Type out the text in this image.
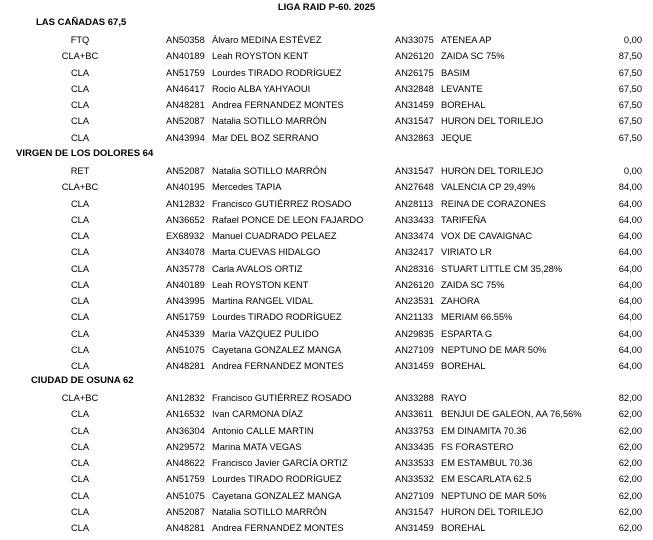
LIGA RAID P-60. 2025
LAS CAÑADAS 67,5
FTQ	AN50358 Álvaro MEDINA ESTÉVEZ	AN33075 ATENEA AP	0,00
CLA+BC	AN40189 Leah ROYSTON KENT	AN26120 ZAIDA SC 75%	87,50
CLA	AN51759 Lourdes TIRADO RODRÍGUEZ	AN26175 BASIM	67,50
CLA	AN46417 Rocio ALBA YAHYAOUI	AN32848 LEVANTE	67,50
CLA	AN48281 Andrea FERNANDEZ MONTES	AN31459 BOREHAL	67,50
CLA	AN52087 Natalia SOTILLO MARRÓN	AN31547 HURON DEL TORILEJO	67,50
CLA	AN43994 Mar DEL BOZ SERRANO	AN32863 JEQUE	67,50
VIRGEN DE LOS DOLORES 64
RET	AN52087 Natalia SOTILLO MARRÓN	AN31547 HURON DEL TORILEJO	0,00
CLA+BC	AN40195 Mercedes TAPIA	AN27648 VALENCIA CP 29,49%	84,00
CLA	AN12832 Francisco GUTIÉRREZ ROSADO	AN28113 REINA DE CORAZONES	64,00
CLA	AN36652 Rafael PONCE DE LEON FAJARDO	AN33433 TARIFEÑA	64,00
CLA	EX68932 Manuel CUADRADO PELAEZ	AN33474 VOX DE CAVAIGNAC	64,00
CLA	AN34078 Marta CUEVAS HIDALGO	AN32417 VIRIATO LR	64,00
CLA	AN35778 Carla AVALOS ORTIZ	AN28316 STUART LITTLE CM 35,28%	64,00
CLA	AN40189 Leah ROYSTON KENT	AN26120 ZAIDA SC 75%	64,00
CLA	AN43995 Martina RANGEL VIDAL	AN23531 ZAHORA	64,00
CLA	AN51759 Lourdes TIRADO RODRÍGUEZ	AN21133 MERIAM 66.55%	64,00
CLA	AN45339 María VAZQUEZ PULIDO	AN29835 ESPARTA G	64,00
CLA	AN51075 Cayetana GONZALEZ MANGA	AN27109 NEPTUNO DE MAR 50%	64,00
CLA	AN48281 Andrea FERNANDEZ MONTES	AN31459 BOREHAL	64,00
CIUDAD DE OSUNA 62
CLA+BC	AN12832 Francisco GUTIÉRREZ ROSADO	AN33288 RAYO	82,00
CLA	AN16532 Ivan CARMONA DÍAZ	AN33611 BENJUI DE GALEON, AA 76,56%	62,00
CLA	AN36304 Antonio CALLE MARTIN	AN33753 EM DINAMITA 70.36	62,00
CLA	AN29572 Marina MATA VEGAS	AN33435 FS FORASTERO	62,00
CLA	AN48622 Francisco Javier GARCÍA ORTIZ	AN33533 EM ESTAMBUL 70.36	62,00
CLA	AN51759 Lourdes TIRADO RODRÍGUEZ	AN33532 EM ESCARLATA 62.5	62,00
CLA	AN51075 Cayetana GONZALEZ MANGA	AN27109 NEPTUNO DE MAR 50%	62,00
CLA	AN52087 Natalia SOTILLO MARRÓN	AN31547 HURON DEL TORILEJO	62,00
CLA	AN48281 Andrea FERNANDEZ MONTES	AN31459 BOREHAL	62,00
